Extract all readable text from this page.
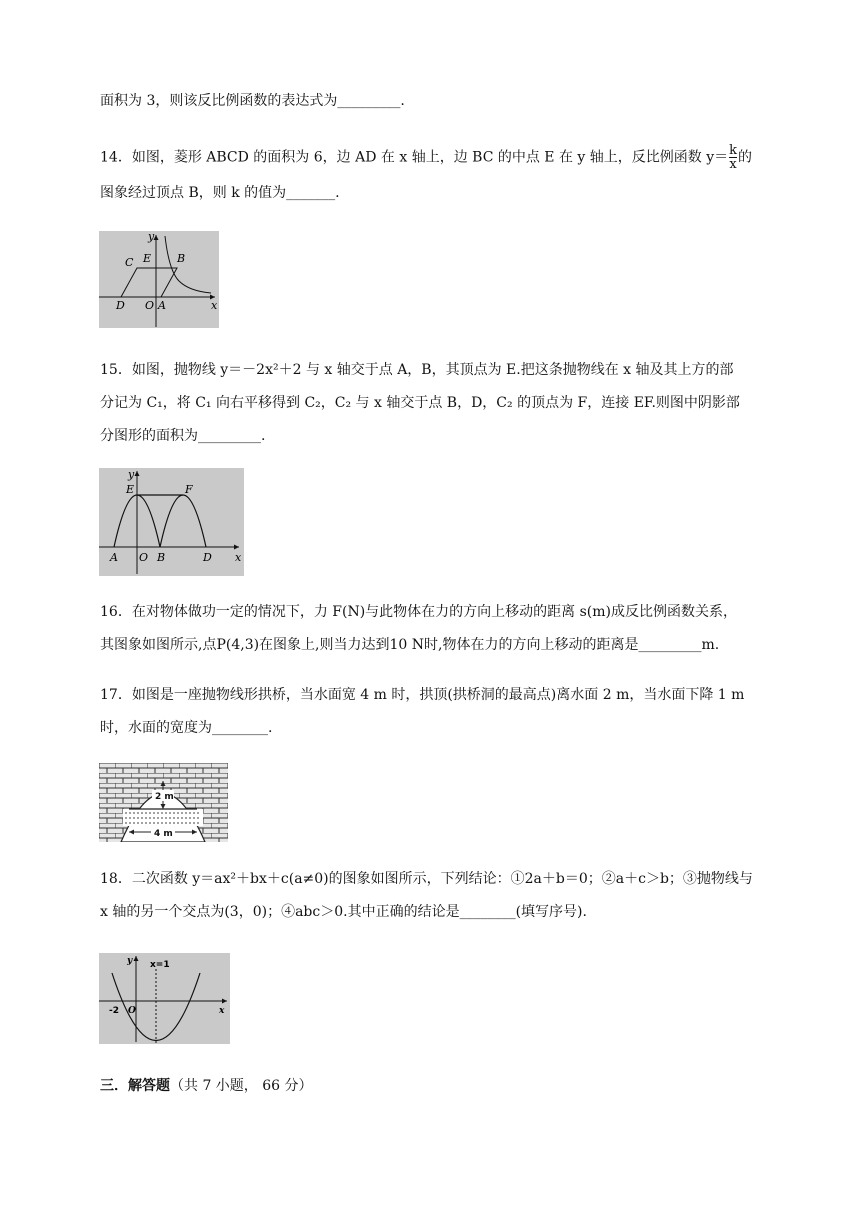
面积为 3，则该反比例函数的表达式为_________.
14．如图，菱形 ABCD 的面积为 6，边 AD 在 x 轴上，边 BC 的中点 E 在 y 轴上，反比例函数 $y= \frac{k}{x}$ 的
图象经过顶点 B，则 k 的值为_______.
y
C E B
D O A	x
15．如图，抛物线 y＝－2x²＋2 与 x 轴交于点 A，B，其顶点为 E.把这条抛物线在 x 轴及其上方的部
分记为 C₁，将 C₁ 向右平移得到 C₂，C₂ 与 x 轴交于点 B，D，C₂ 的顶点为 F，连接 EF.则图中阴影部
分图形的面积为_________.
y
E	F
A O B	D x
16．在对物体做功一定的情况下，力 F(N)与此物体在力的方向上移动的距离 s(m)成反比例函数关系，
其图象如图所示,点P(4,3)在图象上,则当力达到10 N时,物体在力的方向上移动的距离是_________m.
17．如图是一座抛物线形拱桥，当水面宽 4 m 时，拱顶(拱桥洞的最高点)离水面 2 m，当水面下降 1 m
时，水面的宽度为________.
2 m
4 m
18．二次函数 y＝ax²＋bx＋c(a≠0)的图象如图所示，下列结论：①2a＋b＝0；②a＋c＞b；③抛物线与
x 轴的另一个交点为(3，0)；④abc＞0.其中正确的结论是________(填写序号).
y x=1
-2 O	x
三．解答题（共 7 小题， 66 分）
